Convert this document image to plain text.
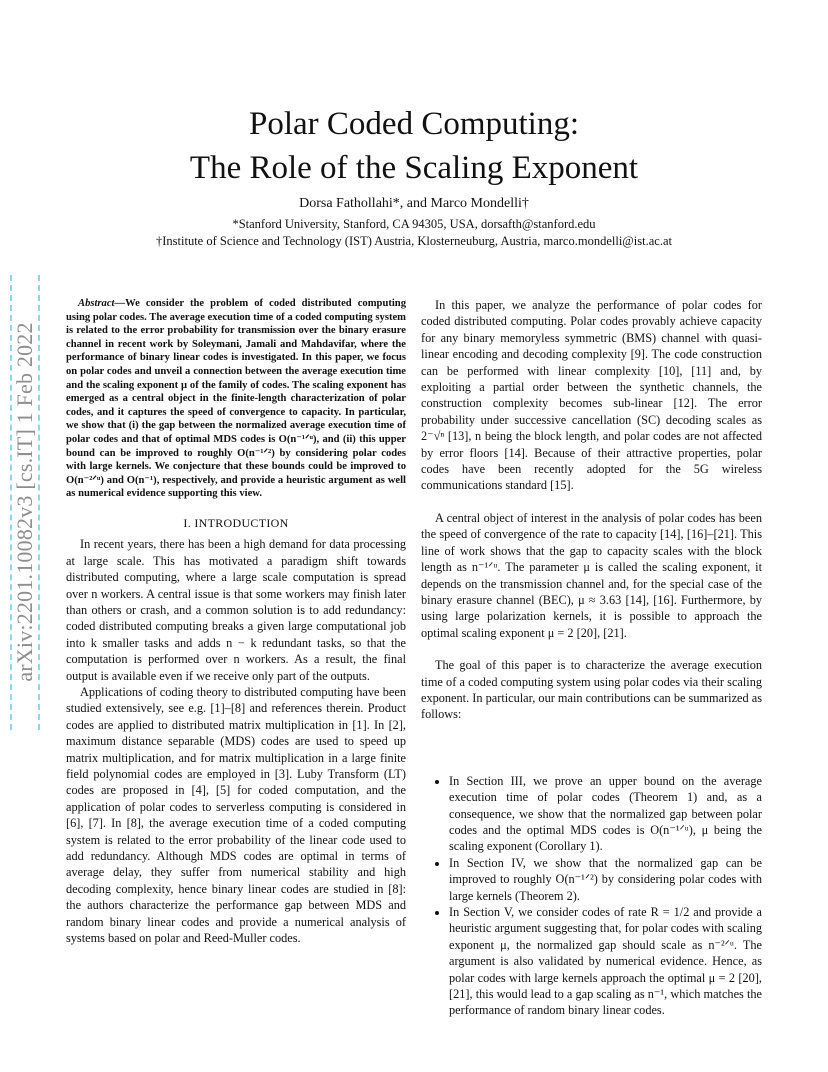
Polar Coded Computing:
The Role of the Scaling Exponent
Dorsa Fathollahi*, and Marco Mondelli†
*Stanford University, Stanford, CA 94305, USA, dorsafth@stanford.edu
†Institute of Science and Technology (IST) Austria, Klosterneuburg, Austria, marco.mondelli@ist.ac.at
arXiv:2201.10082v3 [cs.IT] 1 Feb 2022

Abstract—We consider the problem of coded distributed computing using polar codes. The average execution time of a coded computing system is related to the error probability for transmission over the binary erasure channel in recent work by Soleymani, Jamali and Mahdavifar, where the performance of binary linear codes is investigated. In this paper, we focus on polar codes and unveil a connection between the average execution time and the scaling exponent μ of the family of codes. The scaling exponent has emerged as a central object in the finite-length characterization of polar codes, and it captures the speed of convergence to capacity. In particular, we show that (i) the gap between the normalized average execution time of polar codes and that of optimal MDS codes is O(n⁻¹ᐟᵘ), and (ii) this upper bound can be improved to roughly O(n⁻¹ᐟ²) by considering polar codes with large kernels. We conjecture that these bounds could be improved to O(n⁻²ᐟᵘ) and O(n⁻¹), respectively, and provide a heuristic argument as well as numerical evidence supporting this view.

I. INTRODUCTION

In recent years, there has been a high demand for data processing at large scale. This has motivated a paradigm shift towards distributed computing, where a large scale computation is spread over n workers. A central issue is that some workers may finish later than others or crash, and a common solution is to add redundancy: coded distributed computing breaks a given large computational job into k smaller tasks and adds n − k redundant tasks, so that the computation is performed over n workers. As a result, the final output is available even if we receive only part of the outputs.

Applications of coding theory to distributed computing have been studied extensively, see e.g. [1]–[8] and references therein. Product codes are applied to distributed matrix multiplication in [1]. In [2], maximum distance separable (MDS) codes are used to speed up matrix multiplication, and for matrix multiplication in a large finite field polynomial codes are employed in [3]. Luby Transform (LT) codes are proposed in [4], [5] for coded computation, and the application of polar codes to serverless computing is considered in [6], [7]. In [8], the average execution time of a coded computing system is related to the error probability of the linear code used to add redundancy. Although MDS codes are optimal in terms of average delay, they suffer from numerical stability and high decoding complexity, hence binary linear codes are studied in [8]: the authors characterize the performance gap between MDS and random binary linear codes and provide a numerical analysis of systems based on polar and Reed-Muller codes.

In this paper, we analyze the performance of polar codes for coded distributed computing. Polar codes provably achieve capacity for any binary memoryless symmetric (BMS) channel with quasi-linear encoding and decoding complexity [9]. The code construction can be performed with linear complexity [10], [11] and, by exploiting a partial order between the synthetic channels, the construction complexity becomes sub-linear [12]. The error probability under successive cancellation (SC) decoding scales as 2⁻√ⁿ [13], n being the block length, and polar codes are not affected by error floors [14]. Because of their attractive properties, polar codes have been recently adopted for the 5G wireless communications standard [15].

A central object of interest in the analysis of polar codes has been the speed of convergence of the rate to capacity [14], [16]–[21]. This line of work shows that the gap to capacity scales with the block length as n⁻¹ᐟᵘ. The parameter μ is called the scaling exponent, it depends on the transmission channel and, for the special case of the binary erasure channel (BEC), μ ≈ 3.63 [14], [16]. Furthermore, by using large polarization kernels, it is possible to approach the optimal scaling exponent μ = 2 [20], [21].

The goal of this paper is to characterize the average execution time of a coded computing system using polar codes via their scaling exponent. In particular, our main contributions can be summarized as follows:

• In Section III, we prove an upper bound on the average execution time of polar codes (Theorem 1) and, as a consequence, we show that the normalized gap between polar codes and the optimal MDS codes is O(n⁻¹ᐟᵘ), μ being the scaling exponent (Corollary 1).
• In Section IV, we show that the normalized gap can be improved to roughly O(n⁻¹ᐟ²) by considering polar codes with large kernels (Theorem 2).
• In Section V, we consider codes of rate R = 1/2 and provide a heuristic argument suggesting that, for polar codes with scaling exponent μ, the normalized gap should scale as n⁻²ᐟᵘ. The argument is also validated by numerical evidence. Hence, as polar codes with large kernels approach the optimal μ = 2 [20], [21], this would lead to a gap scaling as n⁻¹, which matches the performance of random binary linear codes.
